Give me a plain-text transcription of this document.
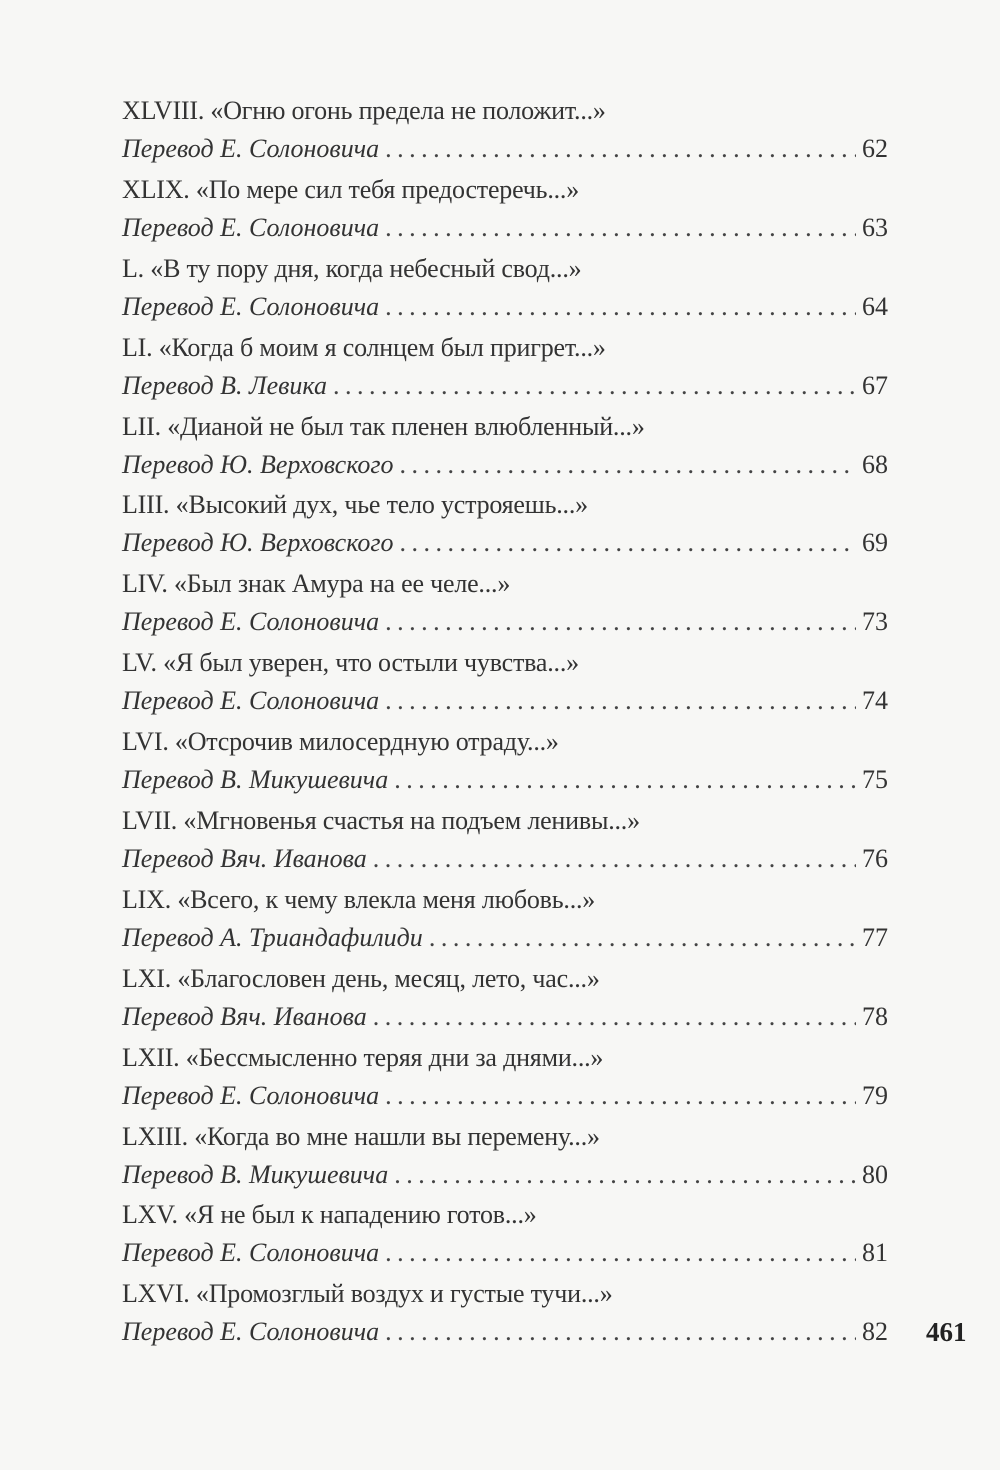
XLVIII. «Огню огонь предела не положит...»
Перевод Е. Солоновича . . .	62
XLIX. «По мере сил тебя предостеречь...»
Перевод Е. Солоновича . . .	63
L. «В ту пору дня, когда небесный свод...»
Перевод Е. Солоновича . . .	64
LI. «Когда б моим я солнцем был пригрет...»
Перевод В. Левика . . .	67
LII. «Дианой не был так пленен влюбленный...»
Перевод Ю. Верховского . . .	68
LIII. «Высокий дух, чье тело устрояешь...»
Перевод Ю. Верховского . . .	69
LIV. «Был знак Амура на ее челе...»
Перевод Е. Солоновича . . .	73
LV. «Я был уверен, что остыли чувства...»
Перевод Е. Солоновича . . .	74
LVI. «Отсрочив милосердную отраду...»
Перевод В. Микушевича . . .	75
LVII. «Мгновенья счастья на подъем ленивы...»
Перевод Вяч. Иванова . . .	76
LIX. «Всего, к чему влекла меня любовь...»
Перевод А. Триандафилиди . . .	77
LXI. «Благословен день, месяц, лето, час...»
Перевод Вяч. Иванова . . .	78
LXII. «Бессмысленно теряя дни за днями...»
Перевод Е. Солоновича . . .	79
LXIII. «Когда во мне нашли вы перемену...»
Перевод В. Микушевича . . .	80
LXV. «Я не был к нападению готов...»
Перевод Е. Солоновича . . .	81
LXVI. «Промозглый воздух и густые тучи...»
Перевод Е. Солоновича . . .	82 461
